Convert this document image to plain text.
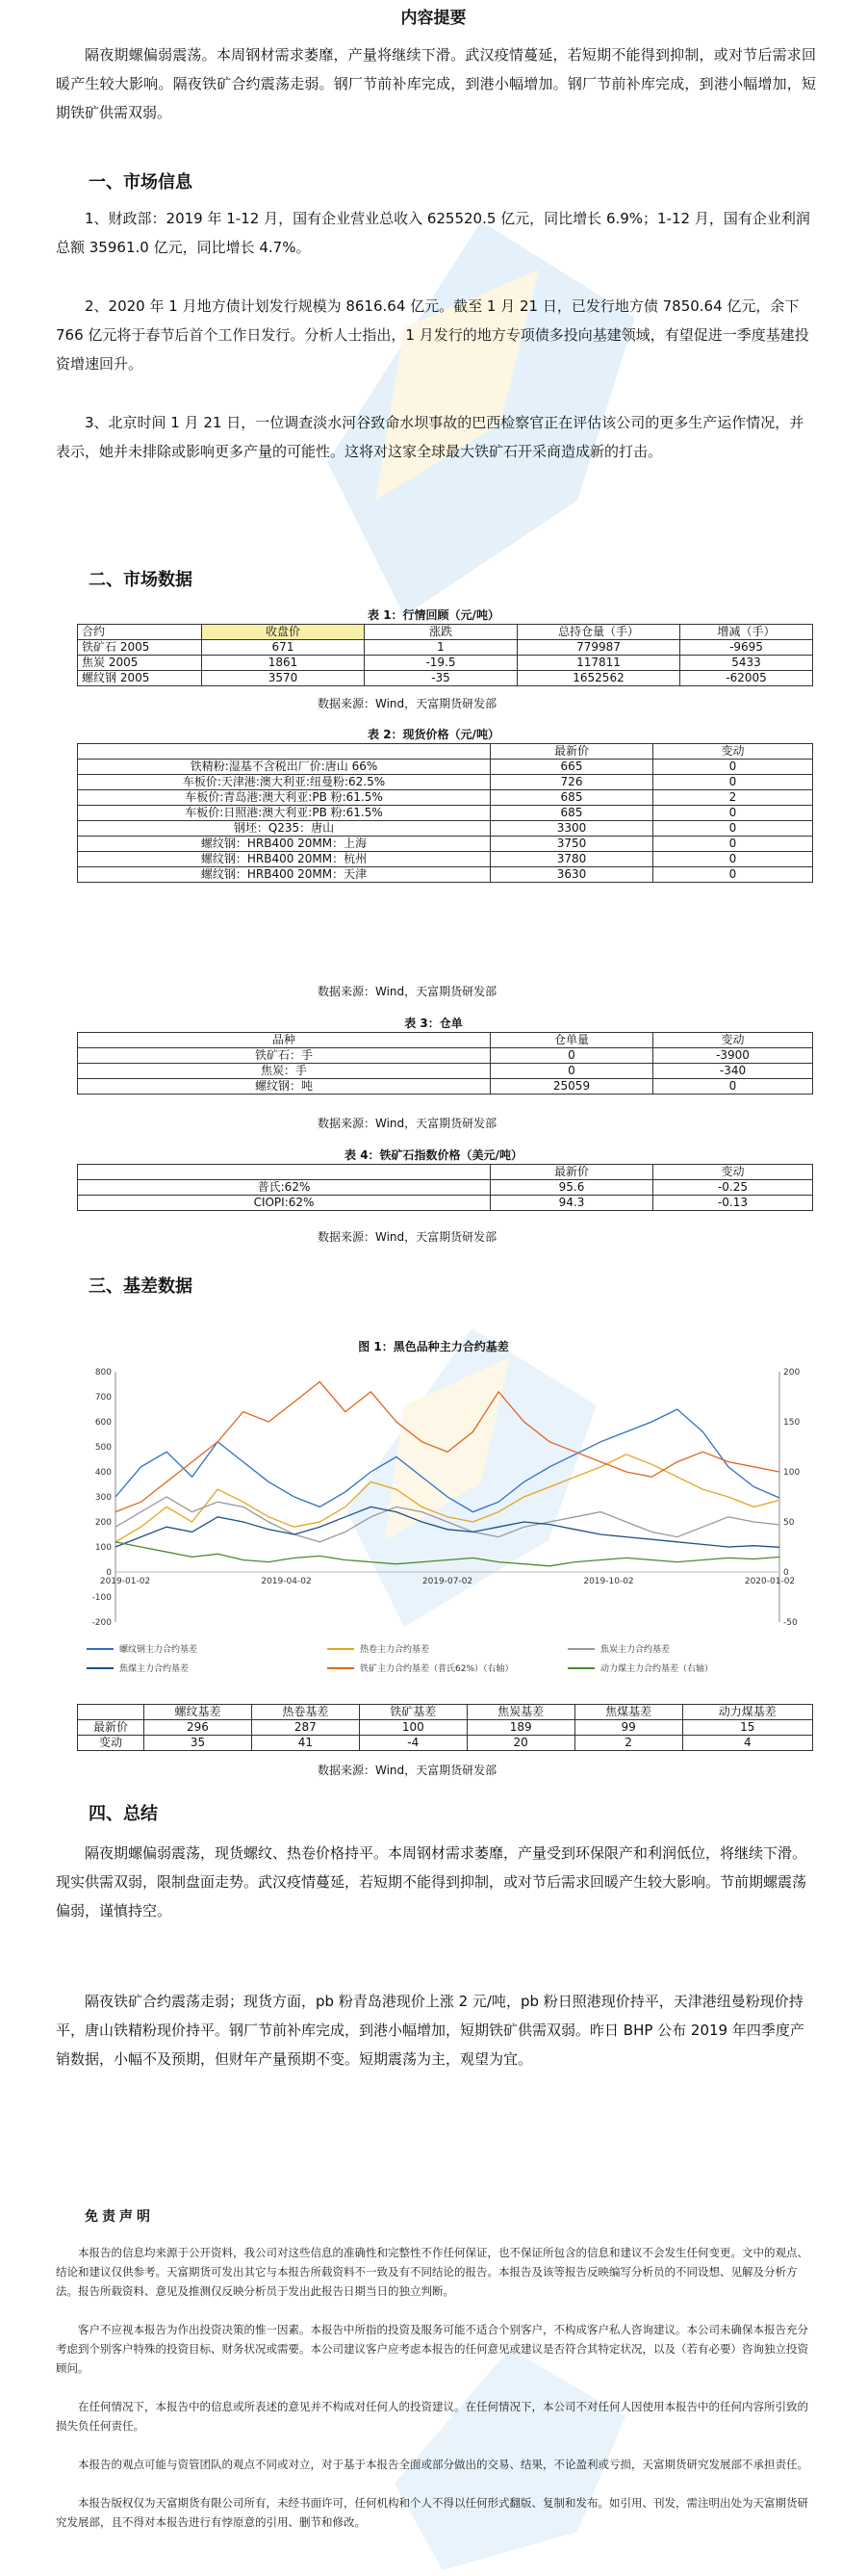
内容提要
隔夜期螺偏弱震荡。本周钢材需求萎靡，产量将继续下滑。武汉疫情蔓延，若短期不能得到抑制，或对节后需求回暖产生较大影响。隔夜铁矿合约震荡走弱。钢厂节前补库完成，到港小幅增加。钢厂节前补库完成，到港小幅增加，短期铁矿供需双弱。
一、市场信息
1、财政部：2019 年 1-12 月，国有企业营业总收入 625520.5 亿元，同比增长 6.9%；1-12 月，国有企业利润总额 35961.0 亿元，同比增长 4.7%。
2、2020 年 1 月地方债计划发行规模为 8616.64 亿元。截至 1 月 21 日，已发行地方债 7850.64 亿元，余下 766 亿元将于春节后首个工作日发行。分析人士指出，1 月发行的地方专项债多投向基建领域，有望促进一季度基建投资增速回升。
3、北京时间 1 月 21 日，一位调查淡水河谷致命水坝事故的巴西检察官正在评估该公司的更多生产运作情况，并表示，她并未排除或影响更多产量的可能性。这将对这家全球最大铁矿石开采商造成新的打击。
二、市场数据
表 1：行情回顾（元/吨）
合约	收盘价	涨跌	总持仓量（手）	增减（手）
铁矿石 2005	671	1	779987	-9695
焦炭 2005	1861	-19.5	117811	5433
螺纹钢 2005	3570	-35	1652562	-62005
数据来源：Wind，天富期货研发部
表 2：现货价格（元/吨）
	最新价	变动
铁精粉:湿基不含税出厂价:唐山 66%	665	0
车板价:天津港:澳大利亚:纽曼粉:62.5%	726	0
车板价:青岛港:澳大利亚:PB 粉:61.5%	685	2
车板价:日照港:澳大利亚:PB 粉:61.5%	685	0
钢坯：Q235：唐山	3300	0
螺纹钢：HRB400 20MM：上海	3750	0
螺纹钢：HRB400 20MM：杭州	3780	0
螺纹钢：HRB400 20MM：天津	3630	0
数据来源：Wind，天富期货研发部
表 3：仓单
品种	仓单量	变动
铁矿石：手	0	-3900
焦炭：手	0	-340
螺纹钢：吨	25059	0
数据来源：Wind，天富期货研发部
表 4：铁矿石指数价格（美元/吨）
	最新价	变动
普氏:62%	95.6	-0.25
CIOPI:62%	94.3	-0.13
数据来源：Wind，天富期货研发部
三、基差数据
图 1：黑色品种主力合约基差
800
700
600
500
400
300
200
100
0
-100
-200
200
150
100
50
0
-50
2019-01-02	2019-04-02	2019-07-02	2019-10-02	2020-01-02
螺纹钢主力合约基差	热卷主力合约基差	焦炭主力合约基差
焦煤主力合约基差	铁矿主力合约基差（普氏62%）（右轴）	动力煤主力合约基差（右轴）
	螺纹基差	热卷基差	铁矿基差	焦炭基差	焦煤基差	动力煤基差
最新价	296	287	100	189	99	15
变动	35	41	-4	20	2	4
数据来源：Wind，天富期货研发部
四、总结
隔夜期螺偏弱震荡，现货螺纹、热卷价格持平。本周钢材需求萎靡，产量受到环保限产和利润低位，将继续下滑。现实供需双弱，限制盘面走势。武汉疫情蔓延，若短期不能得到抑制，或对节后需求回暖产生较大影响。节前期螺震荡偏弱，谨慎持空。
隔夜铁矿合约震荡走弱；现货方面，pb 粉青岛港现价上涨 2 元/吨，pb 粉日照港现价持平，天津港纽曼粉现价持平，唐山铁精粉现价持平。钢厂节前补库完成，到港小幅增加，短期铁矿供需双弱。昨日 BHP 公布 2019 年四季度产销数据，小幅不及预期，但财年产量预期不变。短期震荡为主，观望为宜。
免责声明
本报告的信息均来源于公开资料，我公司对这些信息的准确性和完整性不作任何保证，也不保证所包含的信息和建议不会发生任何变更。文中的观点、结论和建议仅供参考。天富期货可发出其它与本报告所载资料不一致及有不同结论的报告。本报告及该等报告反映编写分析员的不同设想、见解及分析方法。报告所载资料、意见及推测仅反映分析员于发出此报告日期当日的独立判断。
客户不应视本报告为作出投资决策的惟一因素。本报告中所指的投资及服务可能不适合个别客户，不构成客户私人咨询建议。本公司未确保本报告充分考虑到个别客户特殊的投资目标、财务状况或需要。本公司建议客户应考虑本报告的任何意见或建议是否符合其特定状况，以及（若有必要）咨询独立投资顾问。
在任何情况下，本报告中的信息或所表述的意见并不构成对任何人的投资建议。在任何情况下，本公司不对任何人因使用本报告中的任何内容所引致的损失负任何责任。
本报告的观点可能与资管团队的观点不同或对立，对于基于本报告全面或部分做出的交易、结果，不论盈利或亏损，天富期货研究发展部不承担责任。
本报告版权仅为天富期货有限公司所有，未经书面许可，任何机构和个人不得以任何形式翻版、复制和发布。如引用、刊发，需注明出处为天富期货研究发展部，且不得对本报告进行有悖原意的引用、删节和修改。
